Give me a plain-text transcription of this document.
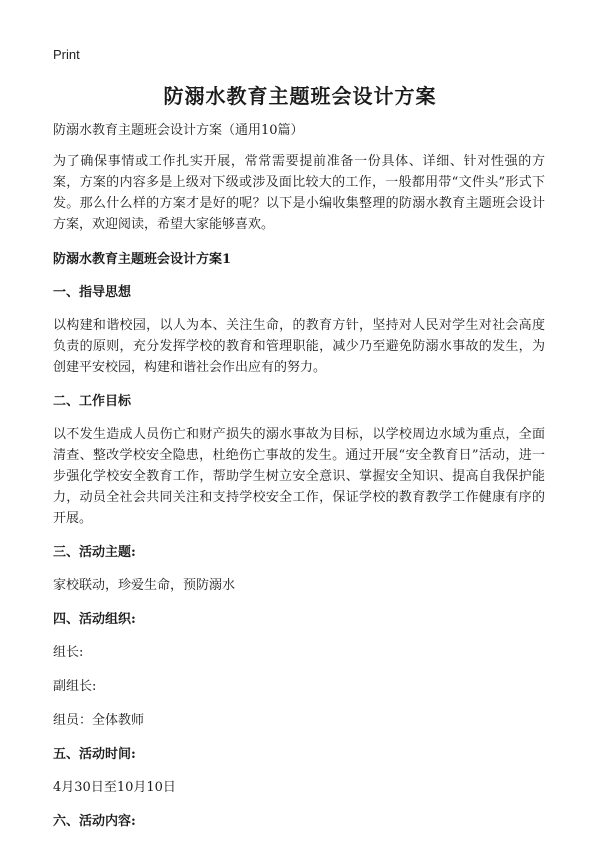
Print
防溺水教育主题班会设计方案

防溺水教育主题班会设计方案（通用10篇）

为了确保事情或工作扎实开展，常常需要提前准备一份具体、详细、针对性强的方案，方案的内容多是上级对下级或涉及面比较大的工作，一般都用带“文件头”形式下发。那么什么样的方案才是好的呢？以下是小编收集整理的防溺水教育主题班会设计方案，欢迎阅读，希望大家能够喜欢。

防溺水教育主题班会设计方案1
一、指导思想

以构建和谐校园，以人为本、关注生命，的教育方针，坚持对人民对学生对社会高度负责的原则，充分发挥学校的教育和管理职能，减少乃至避免防溺水事故的发生，为创建平安校园，构建和谐社会作出应有的努力。

二、工作目标

以不发生造成人员伤亡和财产损失的溺水事故为目标，以学校周边水域为重点，全面清查、整改学校安全隐患，杜绝伤亡事故的发生。通过开展“安全教育日”活动，进一步强化学校安全教育工作，帮助学生树立安全意识、掌握安全知识、提高自我保护能力，动员全社会共同关注和支持学校安全工作，保证学校的教育教学工作健康有序的开展。

三、活动主题:

家校联动，珍爱生命，预防溺水

四、活动组织:

组长:

副组长:

组员：全体教师

五、活动时间:

4月30日至10月10日

六、活动内容:
